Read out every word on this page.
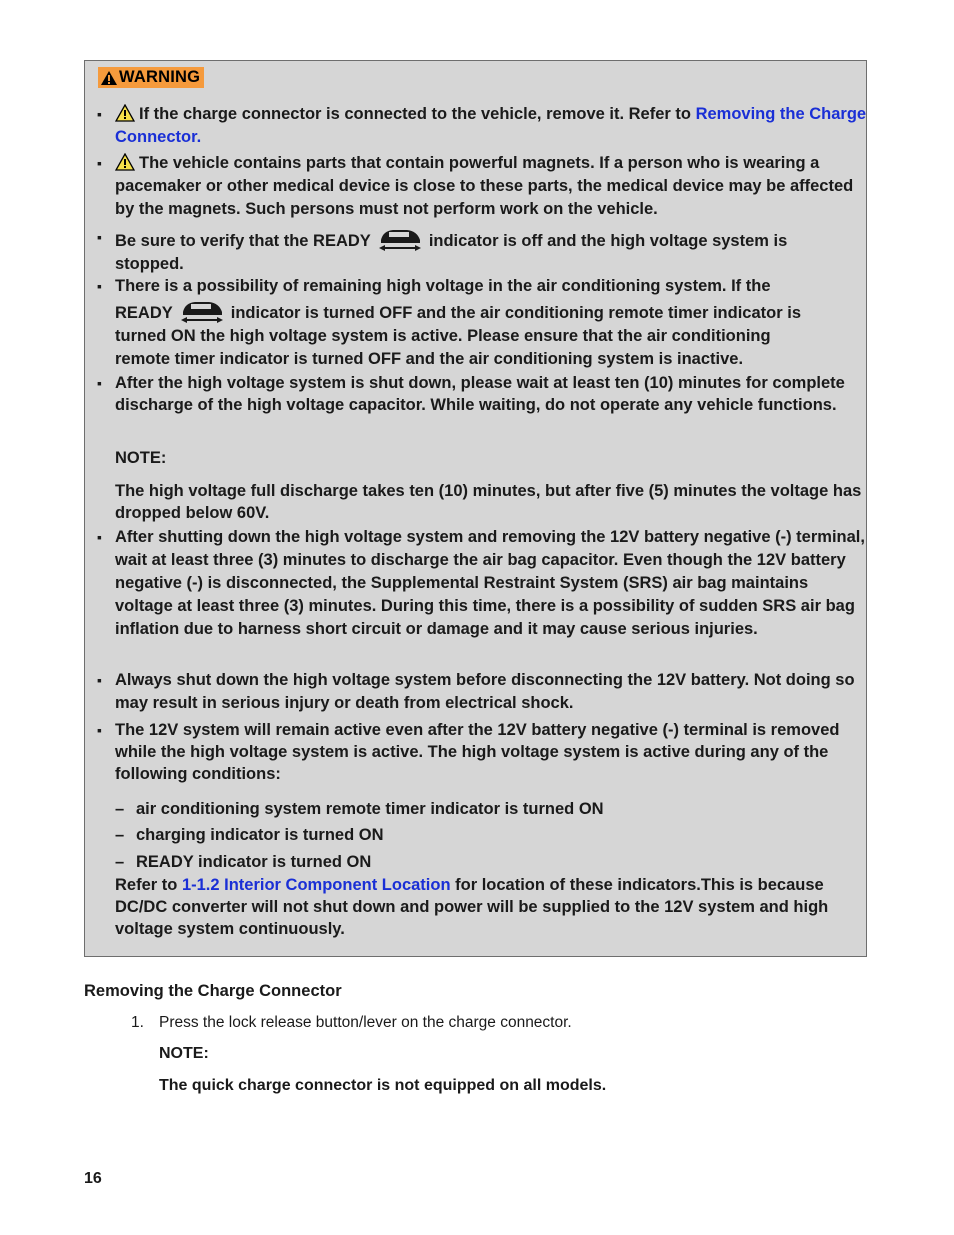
WARNING
▪	If the charge connector is connected to the vehicle, remove it. Refer to Removing the Charge Connector.
▪	The vehicle contains parts that contain powerful magnets. If a person who is wearing a pacemaker or other medical device is close to these parts, the medical device may be affected by the magnets. Such persons must not perform work on the vehicle.
▪ Be sure to verify that the READY	indicator is off and the high voltage system is stopped.
▪ There is a possibility of remaining high voltage in the air conditioning system. If the
READY	indicator is turned OFF and the air conditioning remote timer indicator is
turned ON the high voltage system is active. Please ensure that the air conditioning remote timer indicator is turned OFF and the air conditioning system is inactive.
▪ After the high voltage system is shut down, please wait at least ten (10) minutes for complete discharge of the high voltage capacitor. While waiting, do not operate any vehicle functions.
NOTE:
The high voltage full discharge takes ten (10) minutes, but after five (5) minutes the voltage has dropped below 60V.
▪ After shutting down the high voltage system and removing the 12V battery negative (-) terminal, wait at least three (3) minutes to discharge the air bag capacitor. Even though the 12V battery negative (-) is disconnected, the Supplemental Restraint System (SRS) air bag maintains voltage at least three (3) minutes. During this time, there is a possibility of sudden SRS air bag inflation due to harness short circuit or damage and it may cause serious injuries.
▪ Always shut down the high voltage system before disconnecting the 12V battery. Not doing so may result in serious injury or death from electrical shock.
▪ The 12V system will remain active even after the 12V battery negative (-) terminal is removed while the high voltage system is active. The high voltage system is active during any of the following conditions:
– air conditioning system remote timer indicator is turned ON
– charging indicator is turned ON
– READY indicator is turned ON
Refer to 1-1.2 Interior Component Location for location of these indicators.This is because DC/DC converter will not shut down and power will be supplied to the 12V system and high voltage system continuously.
Removing the Charge Connector
1. Press the lock release button/lever on the charge connector.
NOTE:
The quick charge connector is not equipped on all models.
16
